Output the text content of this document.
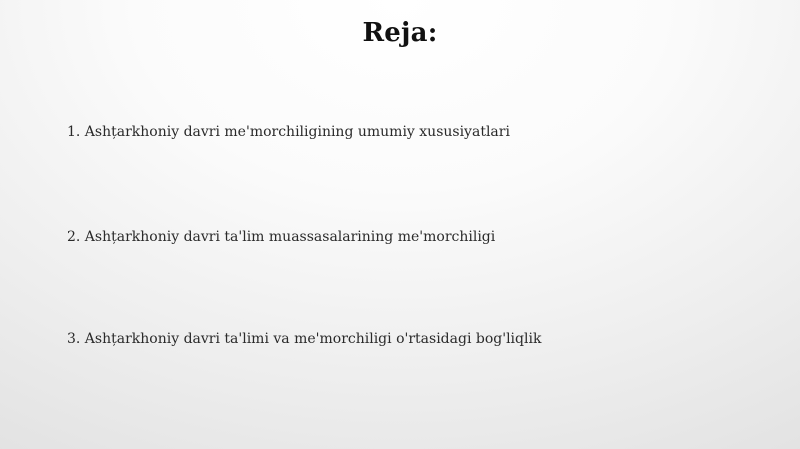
Reja:
1. Ashțarkhoniy davri me'morchiligining umumiy xususiyatlari
2. Ashțarkhoniy davri ta'lim muassasalarining me'morchiligi
3. Ashțarkhoniy davri ta'limi va me'morchiligi o'rtasidagi bog'liqlik
